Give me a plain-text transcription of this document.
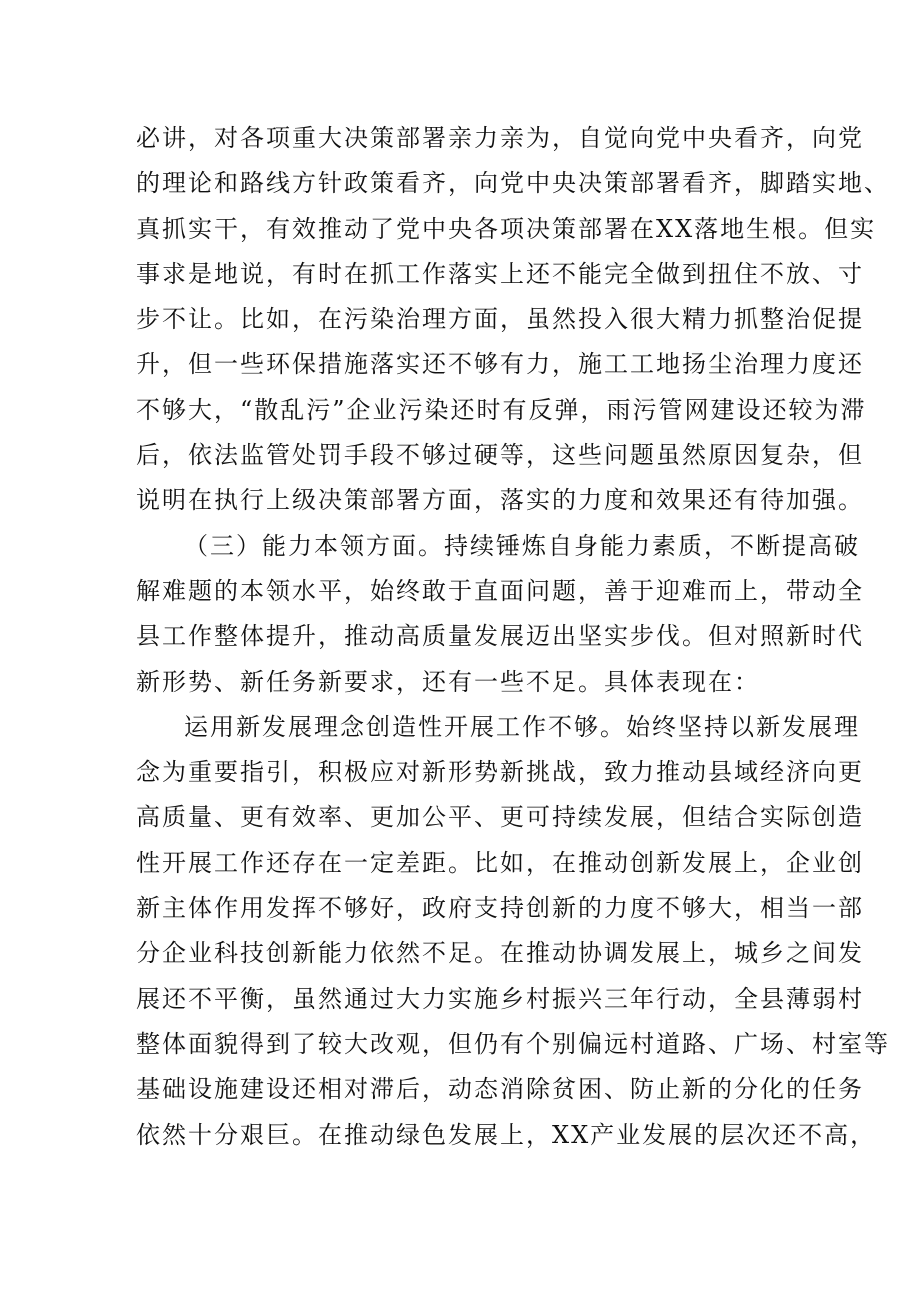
必讲，对各项重大决策部署亲力亲为，自觉向党中央看齐，向党
的理论和路线方针政策看齐，向党中央决策部署看齐，脚踏实地、
真抓实干，有效推动了党中央各项决策部署在XX落地生根。但实
事求是地说，有时在抓工作落实上还不能完全做到扭住不放、寸
步不让。比如，在污染治理方面，虽然投入很大精力抓整治促提
升，但一些环保措施落实还不够有力，施工工地扬尘治理力度还
不够大，“散乱污”企业污染还时有反弹，雨污管网建设还较为滞
后，依法监管处罚手段不够过硬等，这些问题虽然原因复杂，但
说明在执行上级决策部署方面，落实的力度和效果还有待加强。
（三）能力本领方面。持续锤炼自身能力素质，不断提高破
解难题的本领水平，始终敢于直面问题，善于迎难而上，带动全
县工作整体提升，推动高质量发展迈出坚实步伐。但对照新时代
新形势、新任务新要求，还有一些不足。具体表现在：
运用新发展理念创造性开展工作不够。始终坚持以新发展理
念为重要指引，积极应对新形势新挑战，致力推动县域经济向更
高质量、更有效率、更加公平、更可持续发展，但结合实际创造
性开展工作还存在一定差距。比如，在推动创新发展上，企业创
新主体作用发挥不够好，政府支持创新的力度不够大，相当一部
分企业科技创新能力依然不足。在推动协调发展上，城乡之间发
展还不平衡，虽然通过大力实施乡村振兴三年行动，全县薄弱村
整体面貌得到了较大改观，但仍有个别偏远村道路、广场、村室等
基础设施建设还相对滞后，动态消除贫困、防止新的分化的任务
依然十分艰巨。在推动绿色发展上，XX产业发展的层次还不高，
